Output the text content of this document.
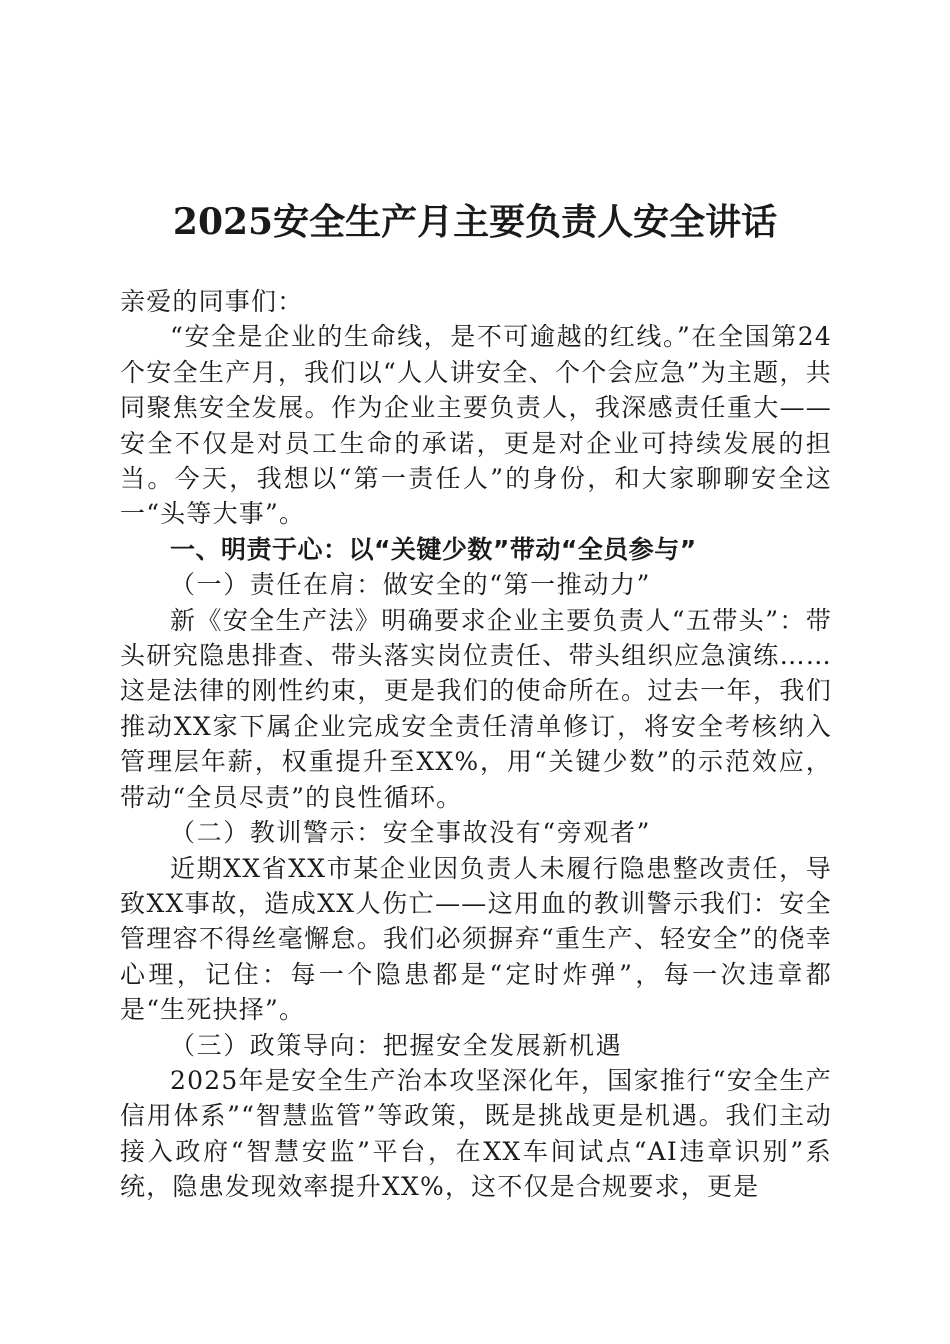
2025安全生产月主要负责人安全讲话

亲爱的同事们：

“安全是企业的生命线，是不可逾越的红线。”在全国第24个安全生产月，我们以“人人讲安全、个个会应急”为主题，共同聚焦安全发展。作为企业主要负责人，我深感责任重大——安全不仅是对员工生命的承诺，更是对企业可持续发展的担当。今天，我想以“第一责任人”的身份，和大家聊聊安全这一“头等大事”。

一、明责于心：以“关键少数”带动“全员参与”

（一）责任在肩：做安全的“第一推动力”

新《安全生产法》明确要求企业主要负责人“五带头”：带头研究隐患排查、带头落实岗位责任、带头组织应急演练……这是法律的刚性约束，更是我们的使命所在。过去一年，我们推动XX家下属企业完成安全责任清单修订，将安全考核纳入管理层年薪，权重提升至XX%，用“关键少数”的示范效应，带动“全员尽责”的良性循环。

（二）教训警示：安全事故没有“旁观者”

近期XX省XX市某企业因负责人未履行隐患整改责任，导致XX事故，造成XX人伤亡——这用血的教训警示我们：安全管理容不得丝毫懈怠。我们必须摒弃“重生产、轻安全”的侥幸心理，记住：每一个隐患都是“定时炸弹”，每一次违章都是“生死抉择”。

（三）政策导向：把握安全发展新机遇

2025年是安全生产治本攻坚深化年，国家推行“安全生产信用体系”“智慧监管”等政策，既是挑战更是机遇。我们主动接入政府“智慧安监”平台，在XX车间试点“AI违章识别”系统，隐患发现效率提升XX%，这不仅是合规要求，更是
